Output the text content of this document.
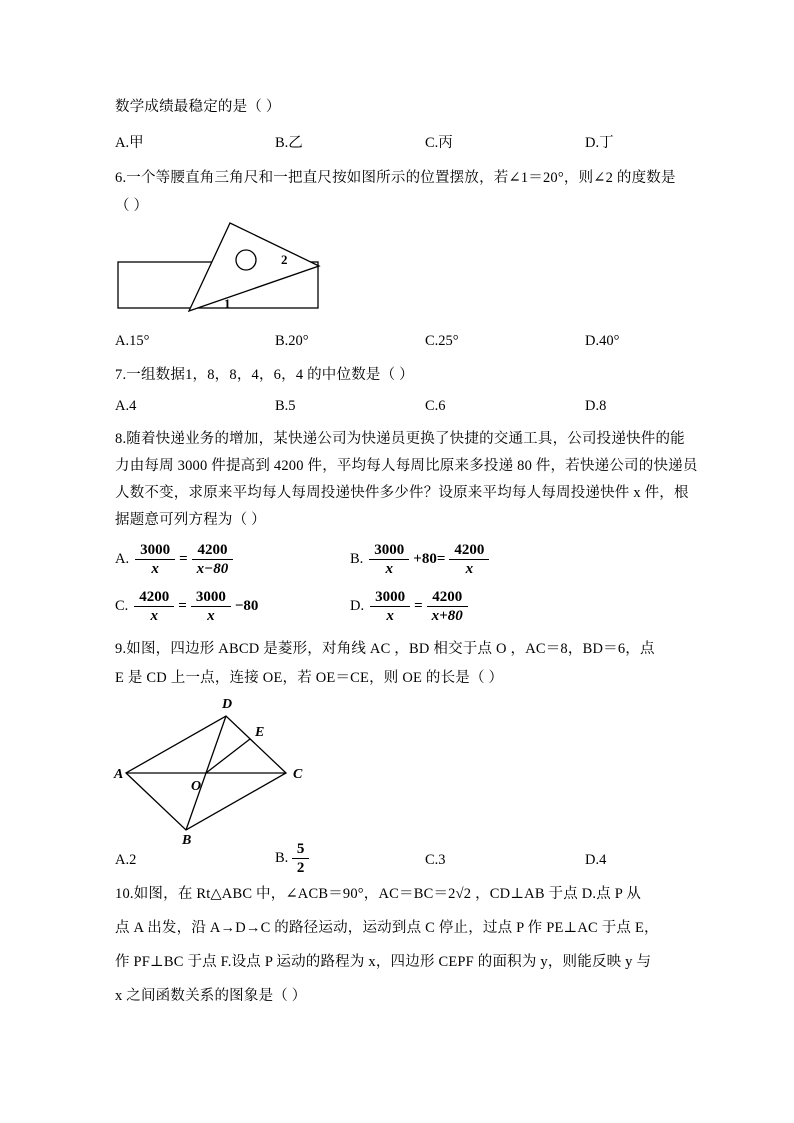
数学成绩最稳定的是（ ）
A.甲	B.乙	C.丙	D.丁
6.一个等腰直角三角尺和一把直尺按如图所示的位置摆放，若∠1＝20°，则∠2 的度数是
（ ）
1
2
A.15°	B.20°	C.25°	D.40°
7.一组数据1，8，8，4，6，4 的中位数是（ ）
A.4	B.5	C.6	D.8
8.随着快递业务的增加，某快递公司为快递员更换了快捷的交通工具，公司投递快件的能
力由每周 3000 件提高到 4200 件，平均每人每周比原来多投递 80 件，若快递公司的快递员
人数不变，求原来平均每人每周投递快件多少件？设原来平均每人每周投递快件 x 件，根
据题意可列方程为（ ）
A. $\frac{3000}{x} = \frac{4200}{x-80}$	B. $\frac{3000}{x} +80= \frac{4200}{x}$
C. $\frac{4200}{x} = \frac{3000}{x} -80$	D. $\frac{3000}{x} = \frac{4200}{x+80}$
9.如图，四边形 ABCD 是菱形，对角线 AC ，BD 相交于点 O ，AC＝8，BD＝6，点
E 是 CD 上一点，连接 OE，若 OE＝CE，则 OE 的长是（ ）
A
D
C
B
O
E
A.2	B. $\frac{5}{2}$	C.3	D.4
10.如图，在 Rt△ABC 中，∠ACB＝90°，AC＝BC＝2√2 ，CD⊥AB 于点 D.点 P 从
点 A 出发，沿 A→D→C 的路径运动，运动到点 C 停止，过点 P 作 PE⊥AC 于点 E，
作 PF⊥BC 于点 F.设点 P 运动的路程为 x，四边形 CEPF 的面积为 y，则能反映 y 与
x 之间函数关系的图象是（ ）
